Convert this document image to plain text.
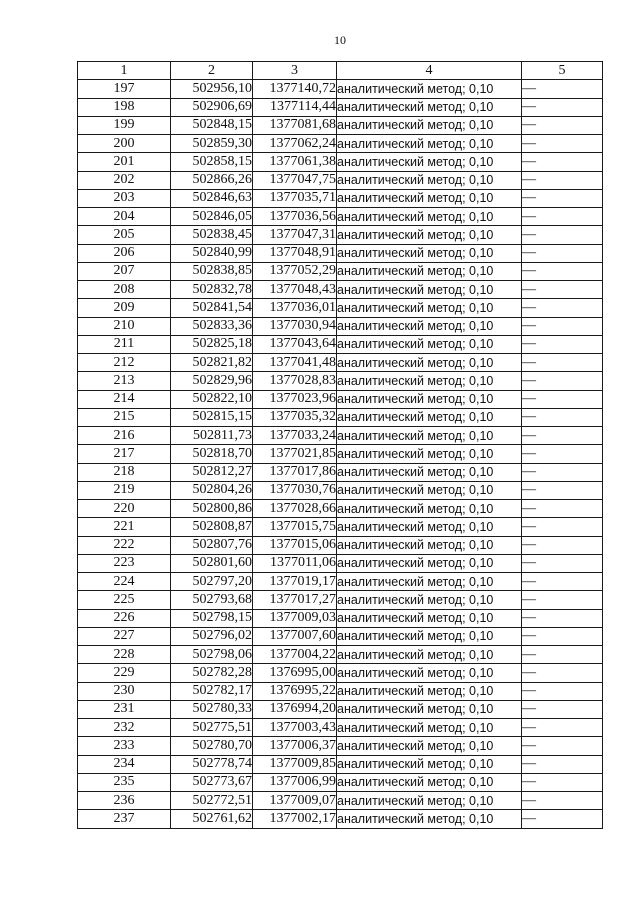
10
1	2	3	4	5
197	502956,10	1377140,72	аналитический метод; 0,10	—
198	502906,69	1377114,44	аналитический метод; 0,10	—
199	502848,15	1377081,68	аналитический метод; 0,10	—
200	502859,30	1377062,24	аналитический метод; 0,10	—
201	502858,15	1377061,38	аналитический метод; 0,10	—
202	502866,26	1377047,75	аналитический метод; 0,10	—
203	502846,63	1377035,71	аналитический метод; 0,10	—
204	502846,05	1377036,56	аналитический метод; 0,10	—
205	502838,45	1377047,31	аналитический метод; 0,10	—
206	502840,99	1377048,91	аналитический метод; 0,10	—
207	502838,85	1377052,29	аналитический метод; 0,10	—
208	502832,78	1377048,43	аналитический метод; 0,10	—
209	502841,54	1377036,01	аналитический метод; 0,10	—
210	502833,36	1377030,94	аналитический метод; 0,10	—
211	502825,18	1377043,64	аналитический метод; 0,10	—
212	502821,82	1377041,48	аналитический метод; 0,10	—
213	502829,96	1377028,83	аналитический метод; 0,10	—
214	502822,10	1377023,96	аналитический метод; 0,10	—
215	502815,15	1377035,32	аналитический метод; 0,10	—
216	502811,73	1377033,24	аналитический метод; 0,10	—
217	502818,70	1377021,85	аналитический метод; 0,10	—
218	502812,27	1377017,86	аналитический метод; 0,10	—
219	502804,26	1377030,76	аналитический метод; 0,10	—
220	502800,86	1377028,66	аналитический метод; 0,10	—
221	502808,87	1377015,75	аналитический метод; 0,10	—
222	502807,76	1377015,06	аналитический метод; 0,10	—
223	502801,60	1377011,06	аналитический метод; 0,10	—
224	502797,20	1377019,17	аналитический метод; 0,10	—
225	502793,68	1377017,27	аналитический метод; 0,10	—
226	502798,15	1377009,03	аналитический метод; 0,10	—
227	502796,02	1377007,60	аналитический метод; 0,10	—
228	502798,06	1377004,22	аналитический метод; 0,10	—
229	502782,28	1376995,00	аналитический метод; 0,10	—
230	502782,17	1376995,22	аналитический метод; 0,10	—
231	502780,33	1376994,20	аналитический метод; 0,10	—
232	502775,51	1377003,43	аналитический метод; 0,10	—
233	502780,70	1377006,37	аналитический метод; 0,10	—
234	502778,74	1377009,85	аналитический метод; 0,10	—
235	502773,67	1377006,99	аналитический метод; 0,10	—
236	502772,51	1377009,07	аналитический метод; 0,10	—
237	502761,62	1377002,17	аналитический метод; 0,10	—
